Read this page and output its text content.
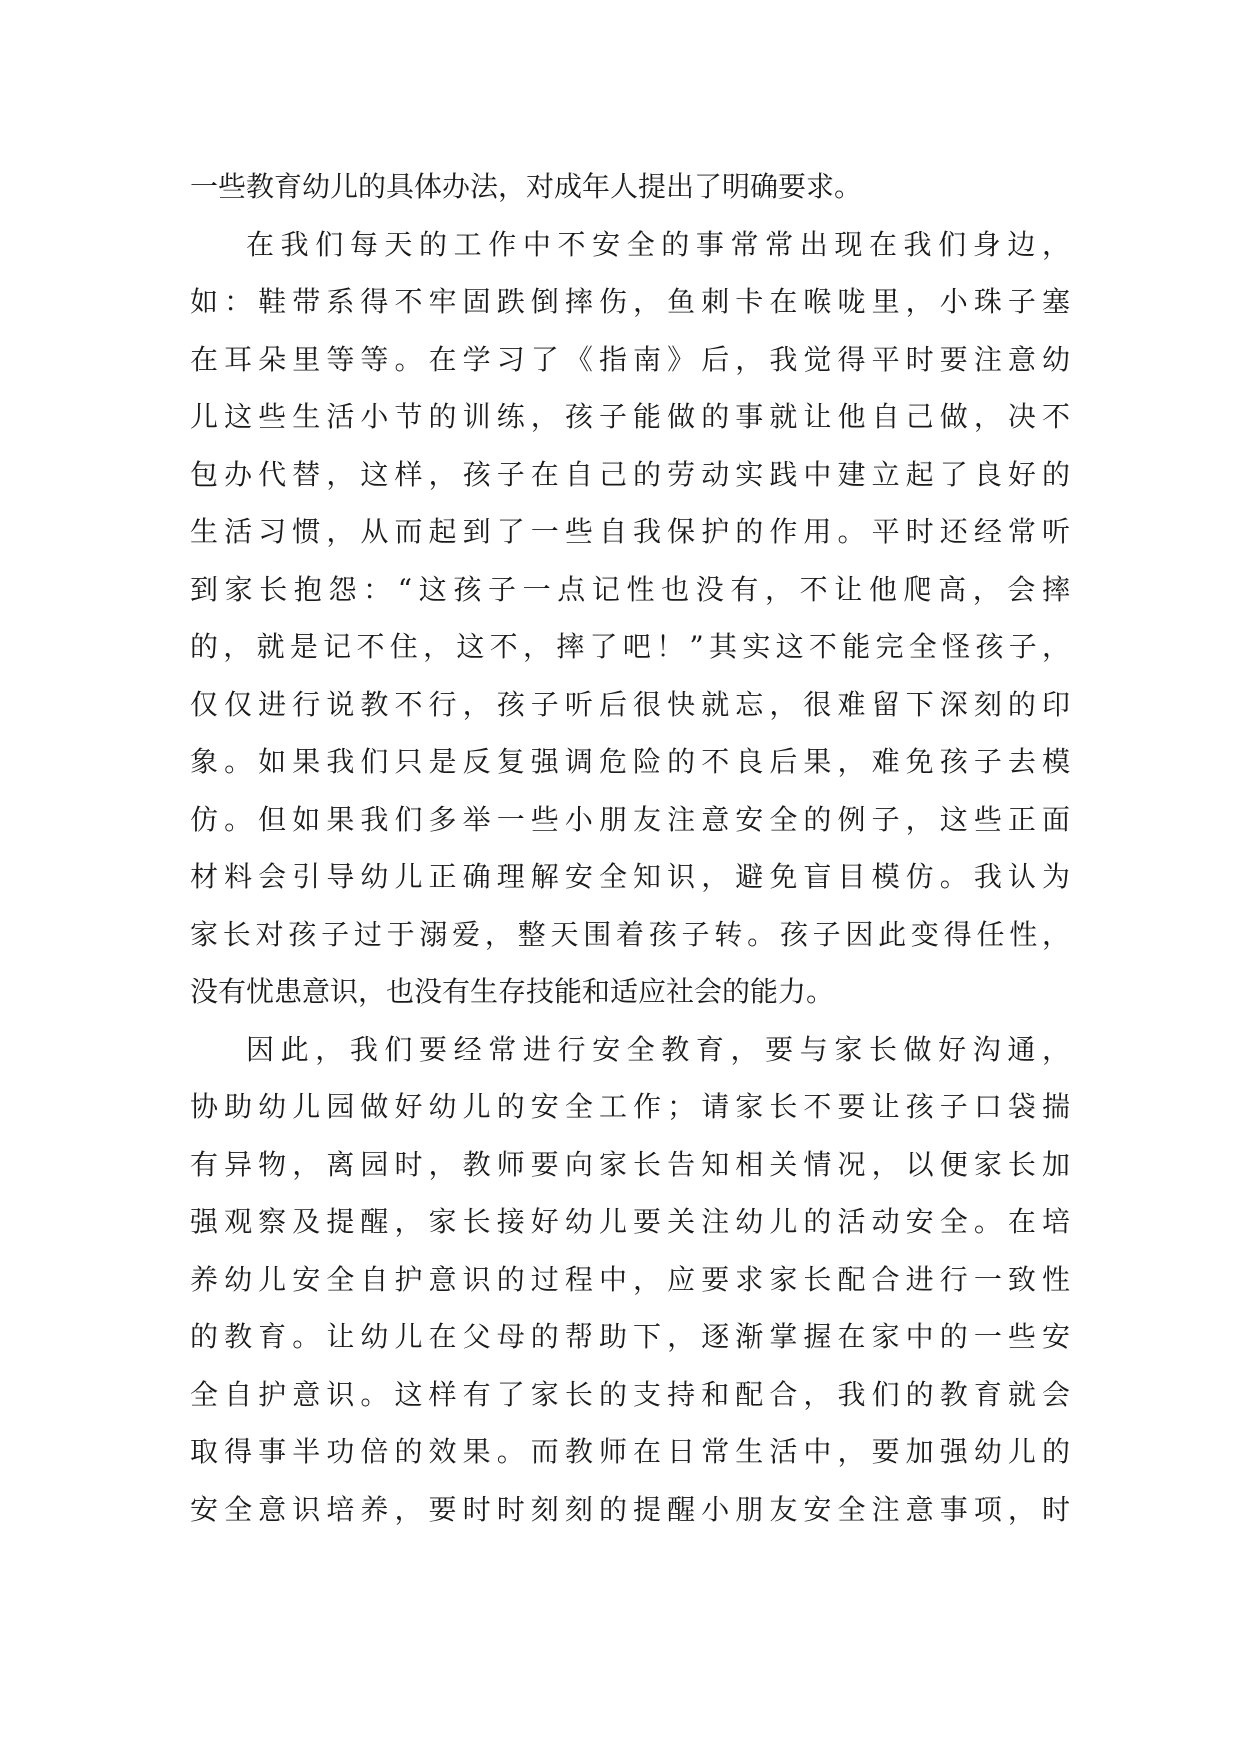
一些教育幼儿的具体办法，对成年人提出了明确要求。
在我们每天的工作中不安全的事常常出现在我们身边，
如：鞋带系得不牢固跌倒摔伤，鱼刺卡在喉咙里，小珠子塞
在耳朵里等等。在学习了《指南》后，我觉得平时要注意幼
儿这些生活小节的训练，孩子能做的事就让他自己做，决不
包办代替，这样，孩子在自己的劳动实践中建立起了良好的
生活习惯，从而起到了一些自我保护的作用。平时还经常听
到家长抱怨：“这孩子一点记性也没有，不让他爬高，会摔
的，就是记不住，这不，摔了吧！”其实这不能完全怪孩子，
仅仅进行说教不行，孩子听后很快就忘，很难留下深刻的印
象。如果我们只是反复强调危险的不良后果，难免孩子去模
仿。但如果我们多举一些小朋友注意安全的例子，这些正面
材料会引导幼儿正确理解安全知识，避免盲目模仿。我认为
家长对孩子过于溺爱，整天围着孩子转。孩子因此变得任性，
没有忧患意识，也没有生存技能和适应社会的能力。
因此，我们要经常进行安全教育，要与家长做好沟通，
协助幼儿园做好幼儿的安全工作；请家长不要让孩子口袋揣
有异物，离园时，教师要向家长告知相关情况，以便家长加
强观察及提醒，家长接好幼儿要关注幼儿的活动安全。在培
养幼儿安全自护意识的过程中，应要求家长配合进行一致性
的教育。让幼儿在父母的帮助下，逐渐掌握在家中的一些安
全自护意识。这样有了家长的支持和配合，我们的教育就会
取得事半功倍的效果。而教师在日常生活中，要加强幼儿的
安全意识培养，要时时刻刻的提醒小朋友安全注意事项，时
